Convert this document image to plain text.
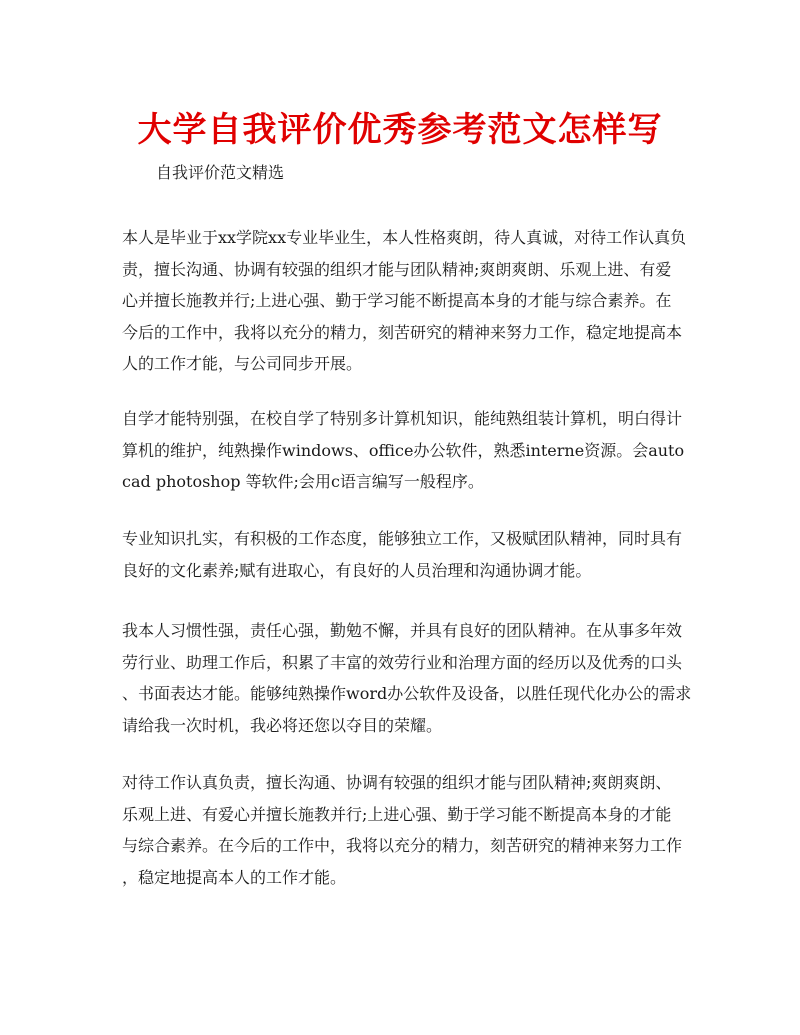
大学自我评价优秀参考范文怎样写

自我评价范文精选

本人是毕业于xx学院xx专业毕业生，本人性格爽朗，待人真诚，对待工作认真负
责，擅长沟通、协调有较强的组织才能与团队精神;爽朗爽朗、乐观上进、有爱
心并擅长施教并行;上进心强、勤于学习能不断提高本身的才能与综合素养。在
今后的工作中，我将以充分的精力，刻苦研究的精神来努力工作，稳定地提高本
人的工作才能，与公司同步开展。

自学才能特别强，在校自学了特别多计算机知识，能纯熟组装计算机，明白得计
算机的维护，纯熟操作windows、office办公软件，熟悉interne资源。会auto
cad photoshop 等软件;会用c语言编写一般程序。

专业知识扎实，有积极的工作态度，能够独立工作，又极赋团队精神，同时具有
良好的文化素养;赋有进取心，有良好的人员治理和沟通协调才能。

我本人习惯性强，责任心强，勤勉不懈，并具有良好的团队精神。在从事多年效
劳行业、助理工作后，积累了丰富的效劳行业和治理方面的经历以及优秀的口头
、书面表达才能。能够纯熟操作word办公软件及设备，以胜任现代化办公的需求
请给我一次时机，我必将还您以夺目的荣耀。

对待工作认真负责，擅长沟通、协调有较强的组织才能与团队精神;爽朗爽朗、
乐观上进、有爱心并擅长施教并行;上进心强、勤于学习能不断提高本身的才能
与综合素养。在今后的工作中，我将以充分的精力，刻苦研究的精神来努力工作
，稳定地提高本人的工作才能。
